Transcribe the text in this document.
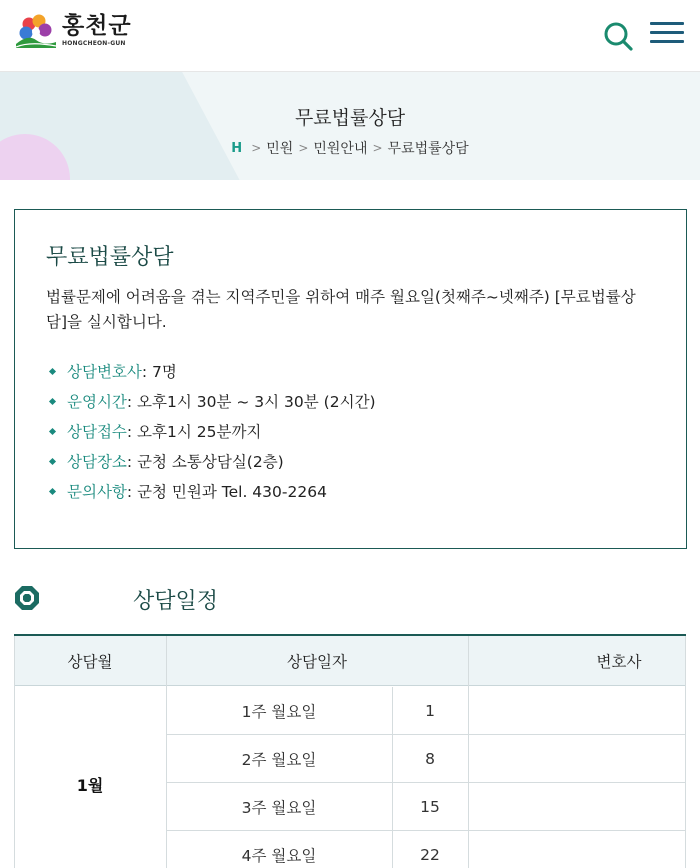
홍천군
HONGCHEON-GUN
무료법률상담
H > 민원 > 민원안내 > 무료법률상담
무료법률상담
법률문제에 어려움을 겪는 지역주민을 위하여 매주 월요일(첫째주~넷째주) [무료법률상담]을 실시합니다.
상담변호사 : 7명
운영시간 : 오후1시 30분 ~ 3시 30분 (2시간)
상담접수 : 오후1시 25분까지
상담장소 : 군청 소통상담실(2층)
문의사항 : 군청 민원과 Tel. 430-2264
상담일정
상담월	상담일자	변호사
1월
1주 월요일	1
2주 월요일	8
3주 월요일	15
4주 월요일	22
